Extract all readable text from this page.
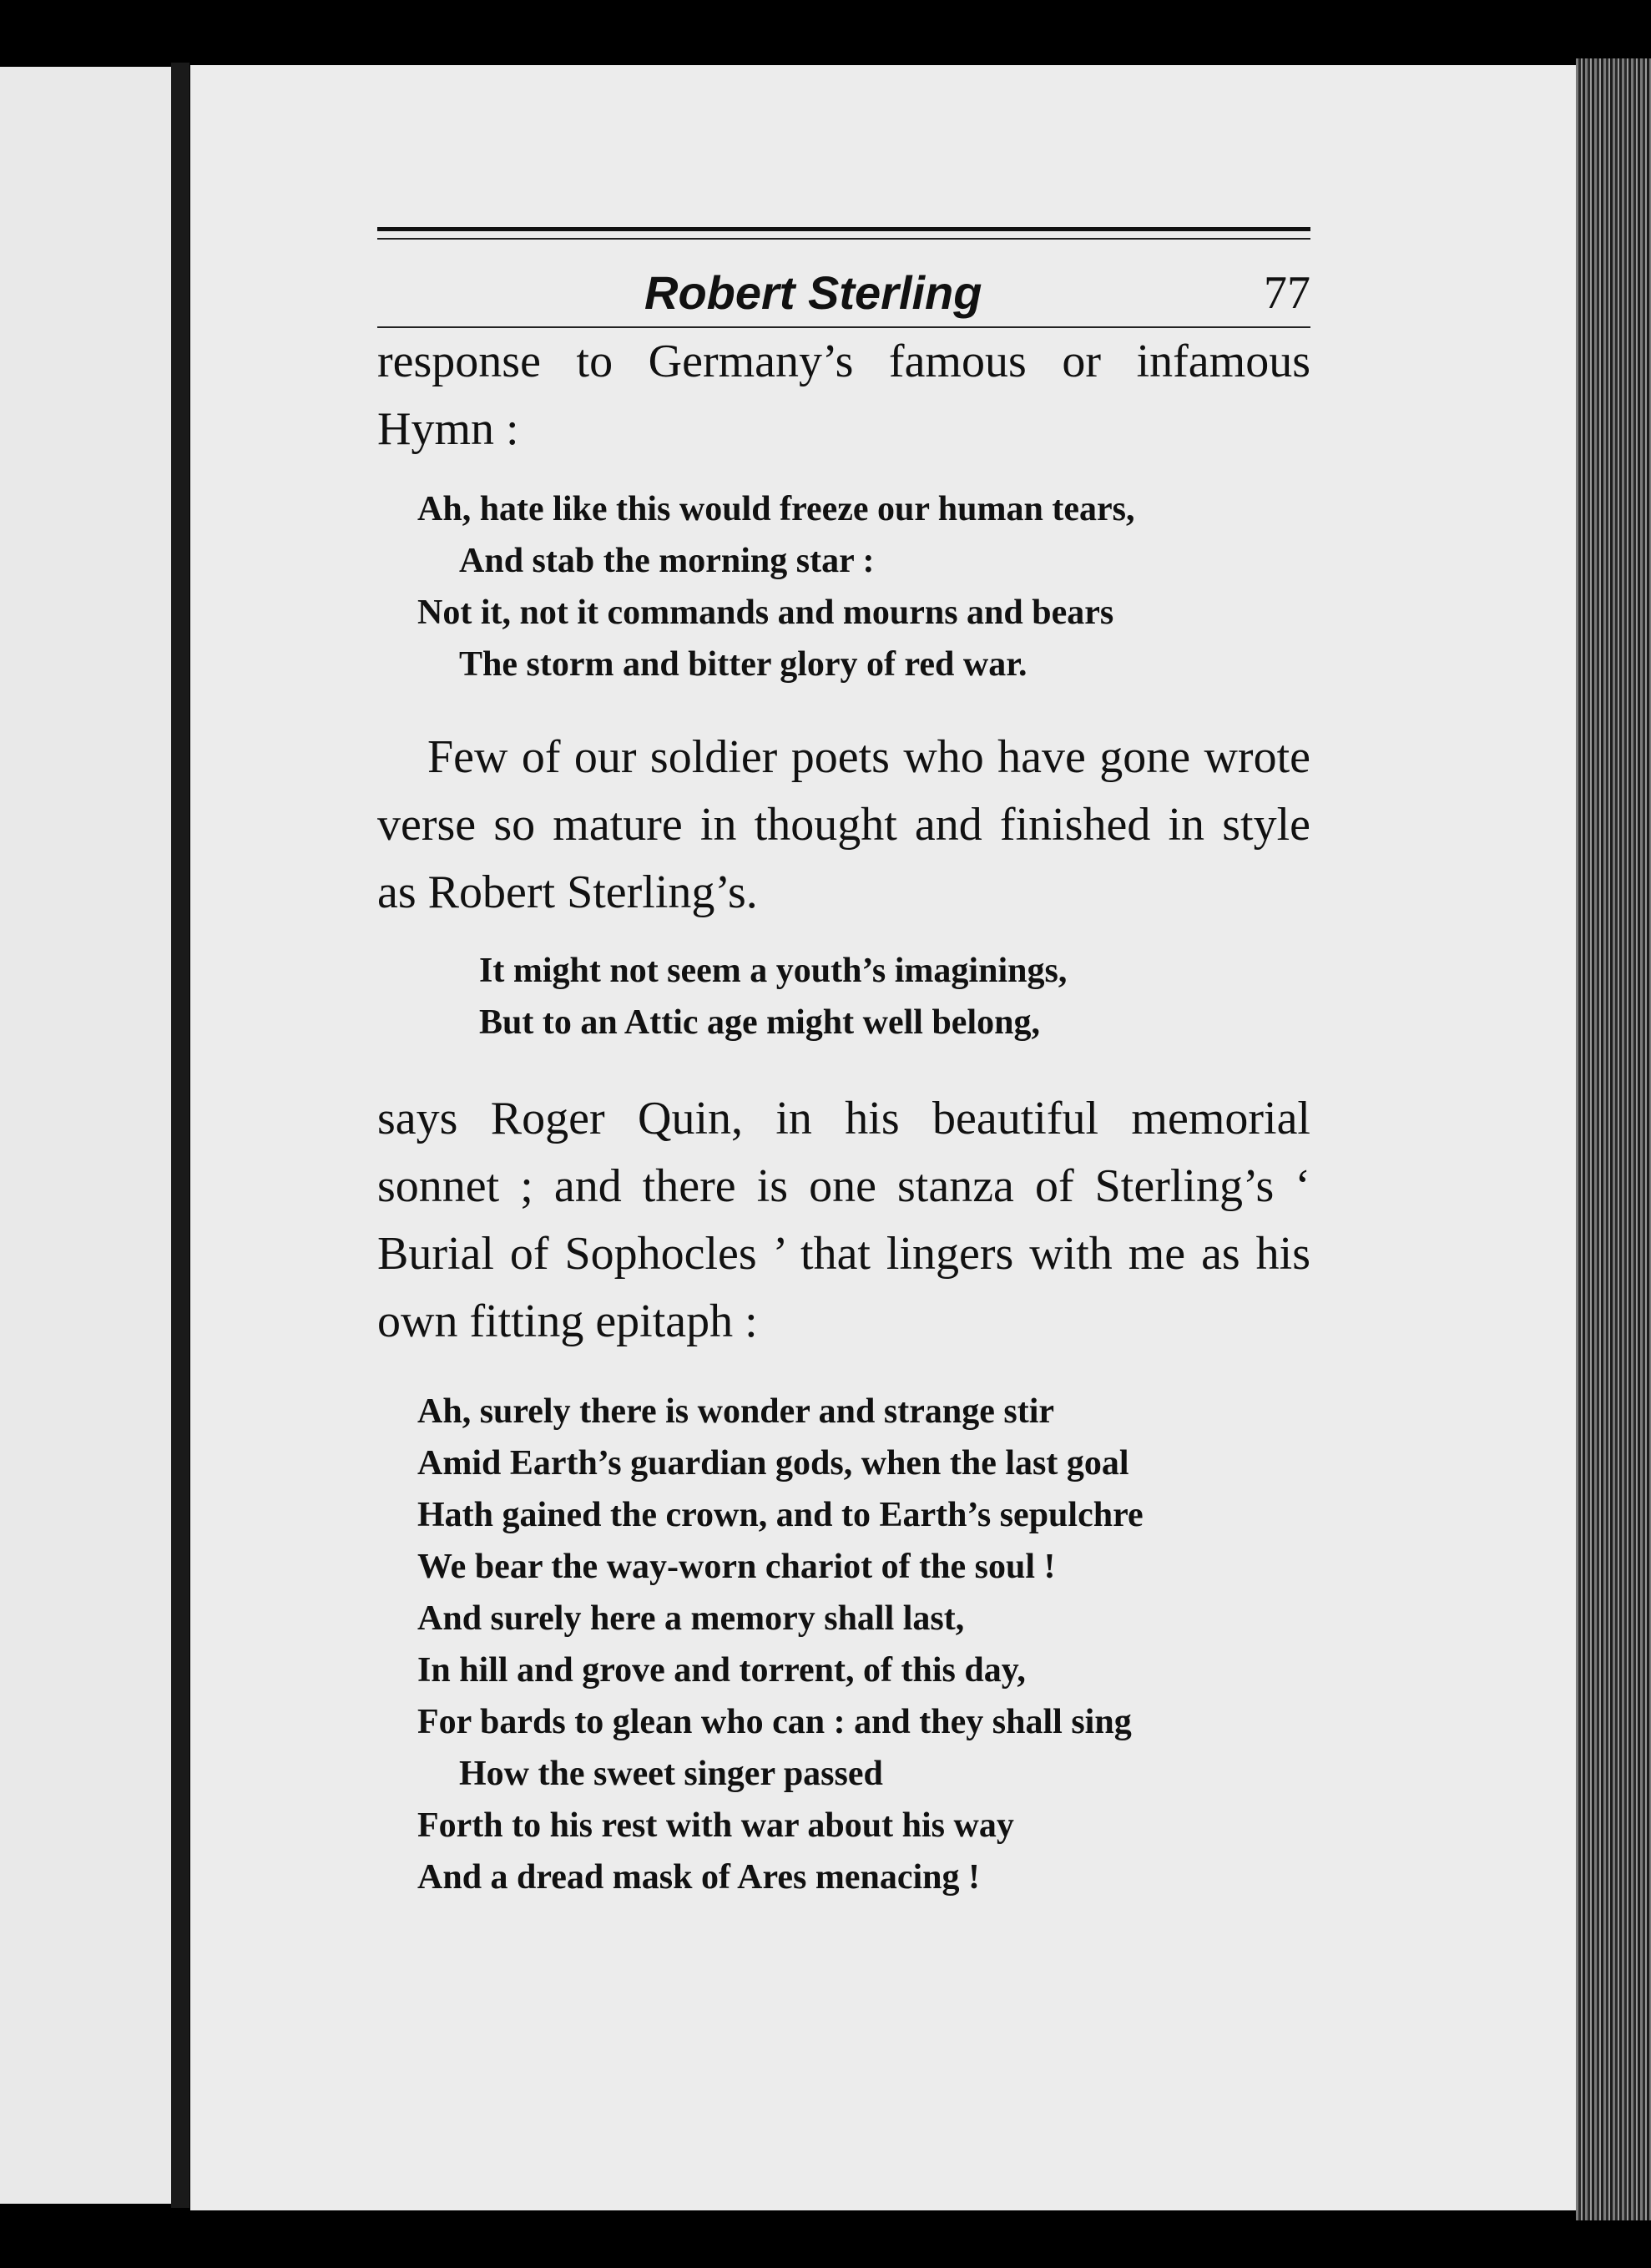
Robert Sterling	77

response to Germany’s famous or infamous Hymn :

Ah, hate like this would freeze our human tears,
And stab the morning star :
Not it, not it commands and mourns and bears
The storm and bitter glory of red war.

Few of our soldier poets who have gone wrote verse so mature in thought and finished in style as Robert Sterling’s.

It might not seem a youth’s imaginings,
But to an Attic age might well belong,

says Roger Quin, in his beautiful memorial sonnet ; and there is one stanza of Sterling’s ‘ Burial of Sophocles ’ that lingers with me as his own fitting epitaph :

Ah, surely there is wonder and strange stir
Amid Earth’s guardian gods, when the last goal
Hath gained the crown, and to Earth’s sepulchre
We bear the way-worn chariot of the soul !
And surely here a memory shall last,
In hill and grove and torrent, of this day,
For bards to glean who can : and they shall sing
How the sweet singer passed
Forth to his rest with war about his way
And a dread mask of Ares menacing !
